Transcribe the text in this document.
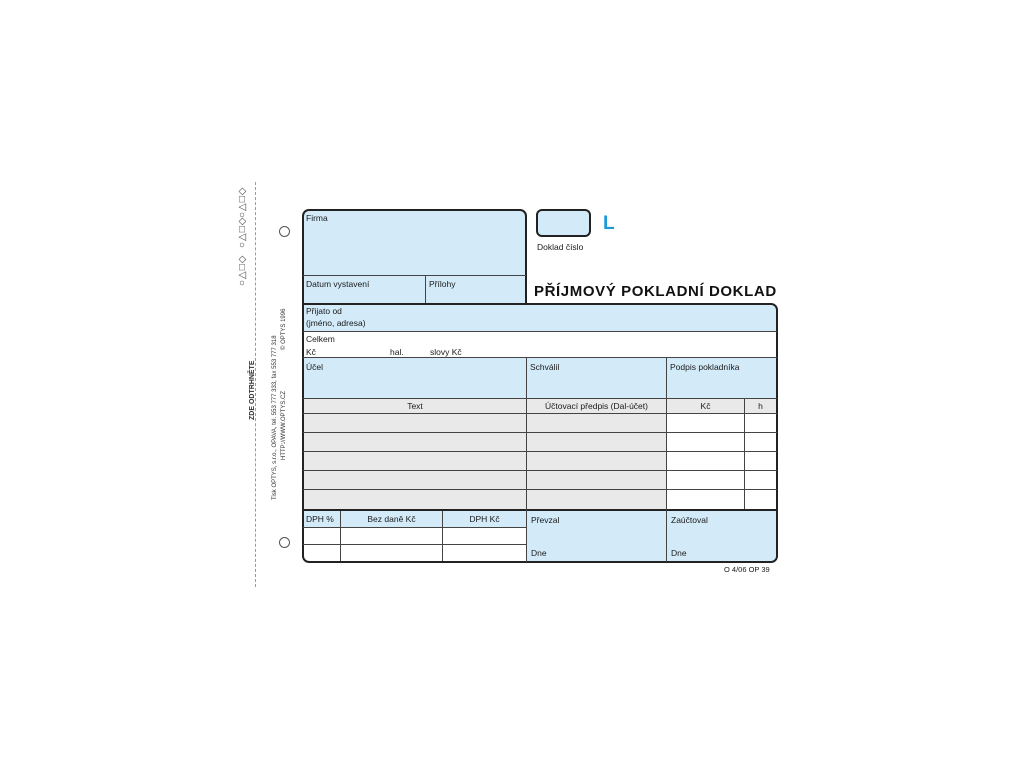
○△□◇
○△□◇
○△□◇
ZDE ODTRHNĚTE	Tisk OPTYS, s.r.o., OPAVA, tel. 553 777 333, fax 553 777 318 HTTP://WWW.OPTYS.CZ
© OPTYS 1996
Firma
Datum vystavení	Přílohy
Doklad číslo
L
PŘÍJMOVÝ POKLADNÍ DOKLAD
Přijato od
(jméno, adresa)
Celkem
Kč	hal.	slovy Kč
Účel	Schválil	Podpis pokladníka
Text	Účtovací předpis (Dal-účet)	Kč	h
DPH %	Bez daně Kč	DPH Kč	Převzal
Dne
Zaúčtoval
Dne
O 4/06 OP 39
